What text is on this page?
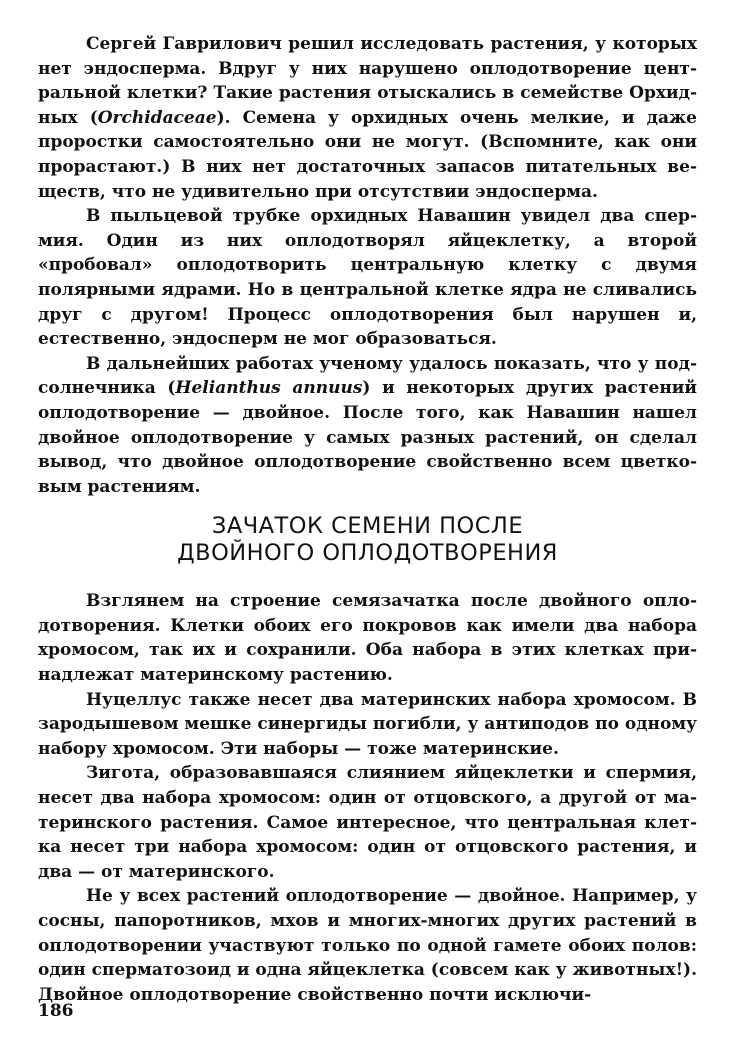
Сергей Гаврилович решил исследовать растения, у которых нет эндосперма. Вдруг у них нарушено оплодотворение центральной клетки? Такие растения отыскались в семействе Орхидных (Orchidaceae). Семена у орхидных очень мелкие, и даже проростки самостоятельно они не могут. (Вспомните, как они прорастают.) В них нет достаточных запасов питательных веществ, что не удивительно при отсутствии эндосперма.

В пыльцевой трубке орхидных Навашин увидел два спермия. Один из них оплодотворял яйцеклетку, а второй «пробовал» оплодотворить центральную клетку с двумя полярными ядрами. Но в центральной клетке ядра не сливались друг с другом! Процесс оплодотворения был нарушен и, естественно, эндосперм не мог образоваться.

В дальнейших работах ученому удалось показать, что у подсолнечника (Helianthus annuus) и некоторых других растений оплодотворение — двойное. После того, как Навашин нашел двойное оплодотворение у самых разных растений, он сделал вывод, что двойное оплодотворение свойственно всем цветковым растениям.

ЗАЧАТОК СЕМЕНИ ПОСЛЕ
ДВОЙНОГО ОПЛОДОТВОРЕНИЯ

Взглянем на строение семязачатка после двойного оплодотворения. Клетки обоих его покровов как имели два набора хромосом, так их и сохранили. Оба набора в этих клетках принадлежат материнскому растению.

Нуцеллус также несет два материнских набора хромосом. В зародышевом мешке синергиды погибли, у антиподов по одному набору хромосом. Эти наборы — тоже материнские.

Зигота, образовавшаяся слиянием яйцеклетки и спермия, несет два набора хромосом: один от отцовского, а другой от материнского растения. Самое интересное, что центральная клетка несет три набора хромосом: один от отцовского растения, и два — от материнского.

Не у всех растений оплодотворение — двойное. Например, у сосны, папоротников, мхов и многих-многих других растений в оплодотворении участвуют только по одной гамете обоих полов: один сперматозоид и одна яйцеклетка (совсем как у животных!). Двойное оплодотворение свойственно почти исключи-

186
